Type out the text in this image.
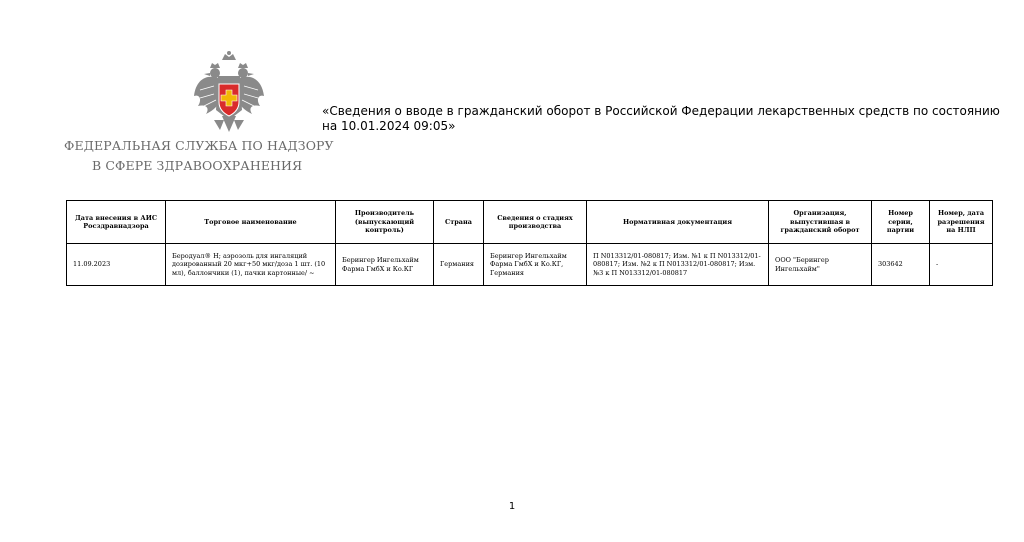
ФЕДЕРАЛЬНАЯ СЛУЖБА ПО НАДЗОРУ
В СФЕРЕ ЗДРАВООХРАНЕНИЯ
«Сведения о вводе в гражданский оборот в Российской Федерации лекарственных средств по состоянию на 10.01.2024 09:05»
Дата внесения в АИС Росздравнадзора	Торговое наименование	Производитель (выпускающий контроль)	Страна	Сведения о стадиях производства	Нормативная документация	Организация, выпустившая в гражданский оборот	Номер серии, партии	Номер, дата разрешения на НЛП
11.09.2023	Беродуал® Н; аэрозоль для ингаляций дозированный 20 мкг+50 мкг/доза 1 шт. (10 мл), баллончики (1), пачки картонные/ ~	Берингер Ингельхайм Фарма ГмбХ и Ко.КГ	Германия	Берингер Ингельхайм Фарма ГмбХ и Ко.КГ, Германия	П N013312/01-080817; Изм. №1 к П N013312/01-080817; Изм. №2 к П N013312/01-080817; Изм. №3 к П N013312/01-080817	ООО "Берингер Ингельхайм"	303642	-
1
